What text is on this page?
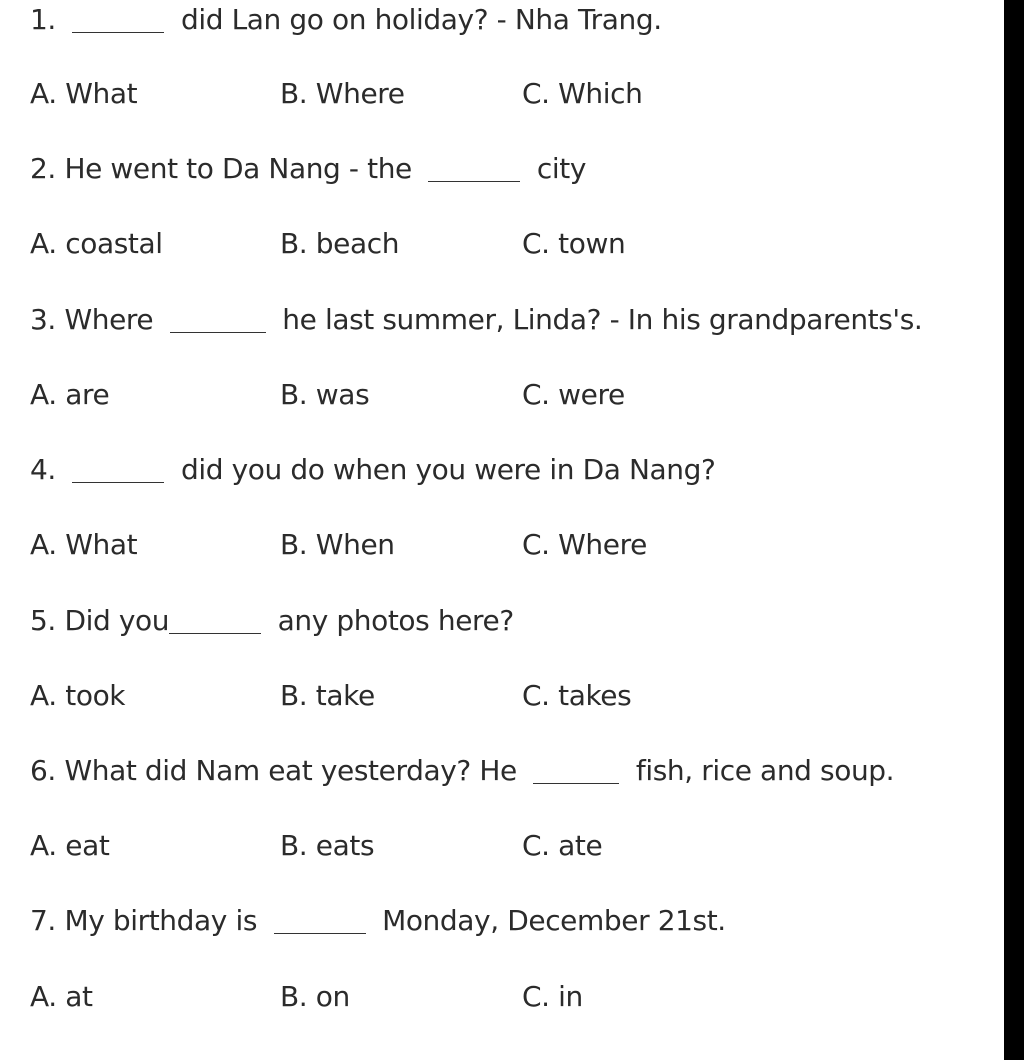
1.	did Lan go on holiday? - Nha Trang.
A. What	B. Where	C. Which
2. He went to Da Nang - the	city
A. coastal	B. beach	C. town
3. Where	he last summer, Linda? - In his grandparents's.
A. are	B. was	C. were
4.	did you do when you were in Da Nang?
A. What	B. When	C. Where
5. Did you	any photos here?
A. took	B. take	C. takes
6. What did Nam eat yesterday? He	fish, rice and soup.
A. eat	B. eats	C. ate
7. My birthday is	Monday, December 21st.
A. at	B. on	C. in
